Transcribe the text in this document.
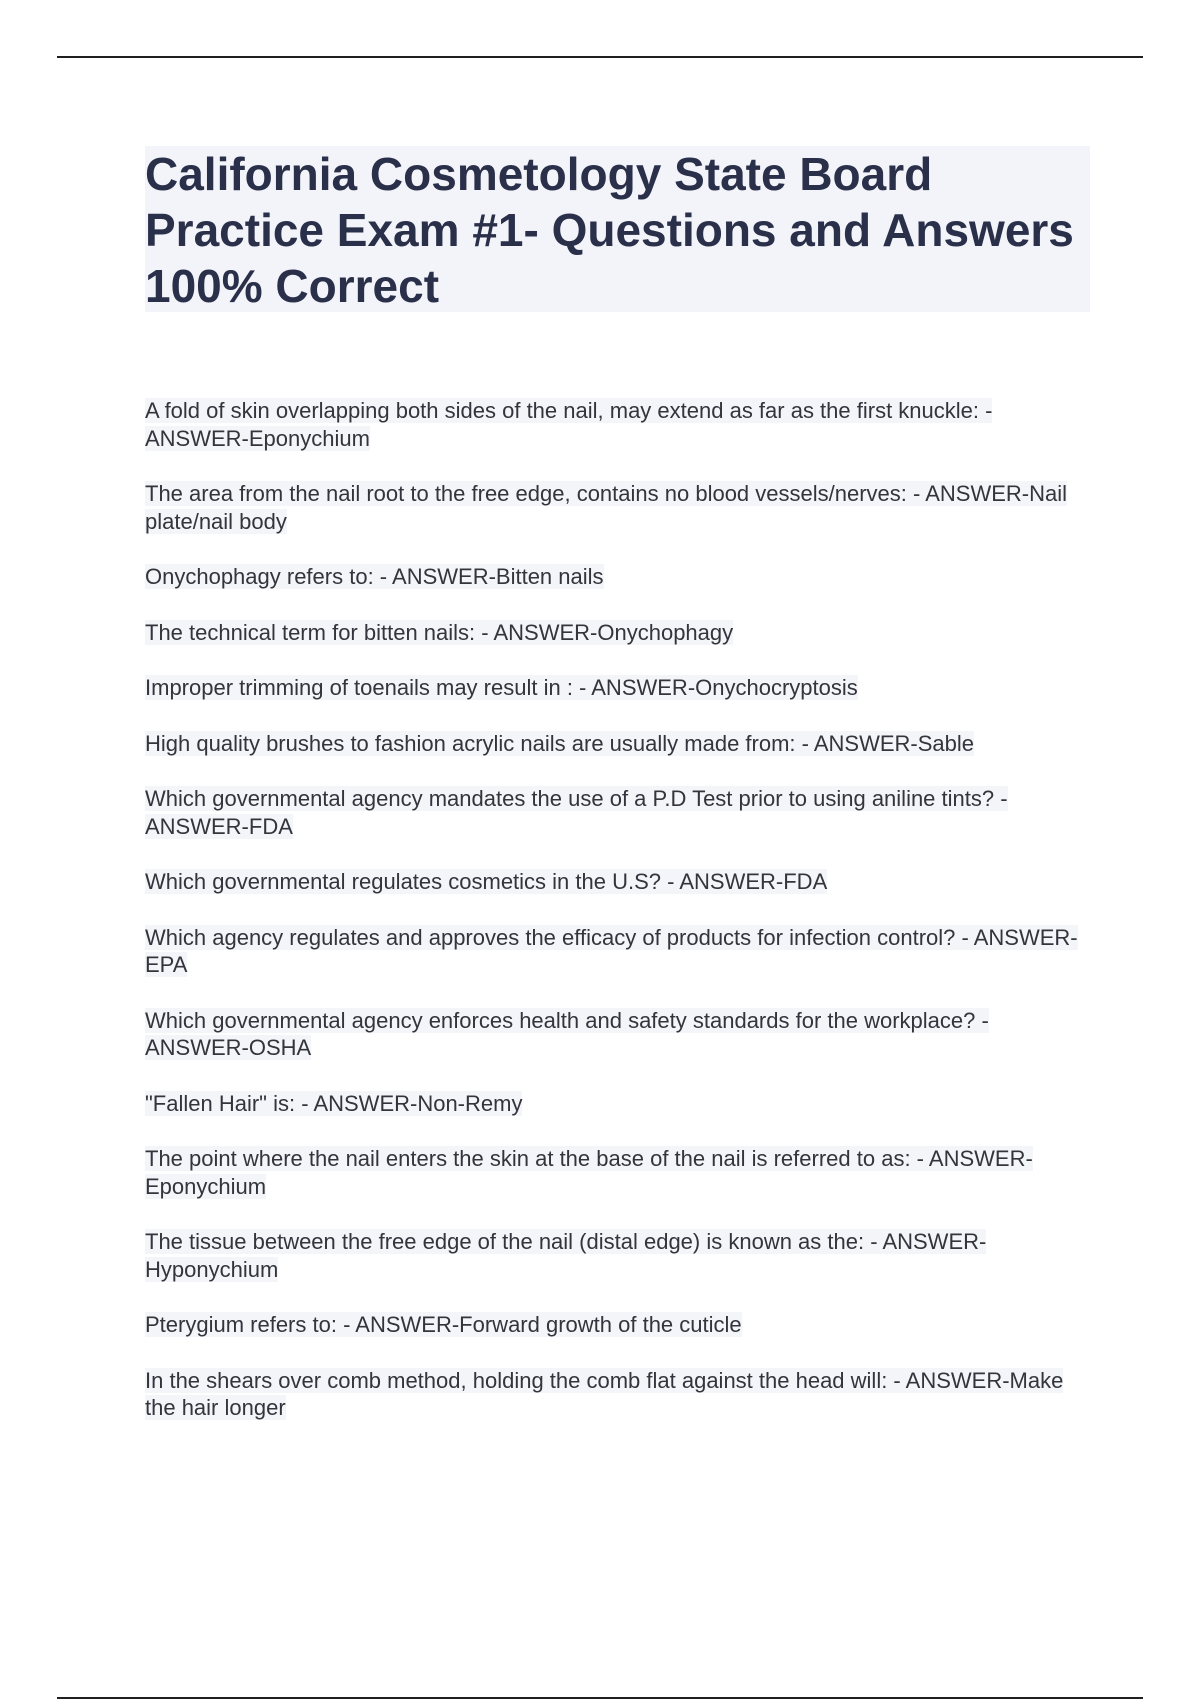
California Cosmetology State Board Practice Exam #1- Questions and Answers 100% Correct
A fold of skin overlapping both sides of the nail, may extend as far as the first knuckle: - ANSWER-Eponychium
The area from the nail root to the free edge, contains no blood vessels/nerves: - ANSWER-Nail plate/nail body
Onychophagy refers to: - ANSWER-Bitten nails
The technical term for bitten nails: - ANSWER-Onychophagy
Improper trimming of toenails may result in : - ANSWER-Onychocryptosis
High quality brushes to fashion acrylic nails are usually made from: - ANSWER-Sable
Which governmental agency mandates the use of a P.D Test prior to using aniline tints? - ANSWER-FDA
Which governmental regulates cosmetics in the U.S? - ANSWER-FDA
Which agency regulates and approves the efficacy of products for infection control? - ANSWER-EPA
Which governmental agency enforces health and safety standards for the workplace? - ANSWER-OSHA
"Fallen Hair" is: - ANSWER-Non-Remy
The point where the nail enters the skin at the base of the nail is referred to as: - ANSWER-Eponychium
The tissue between the free edge of the nail (distal edge) is known as the: - ANSWER-Hyponychium
Pterygium refers to: - ANSWER-Forward growth of the cuticle
In the shears over comb method, holding the comb flat against the head will: - ANSWER-Make the hair longer
